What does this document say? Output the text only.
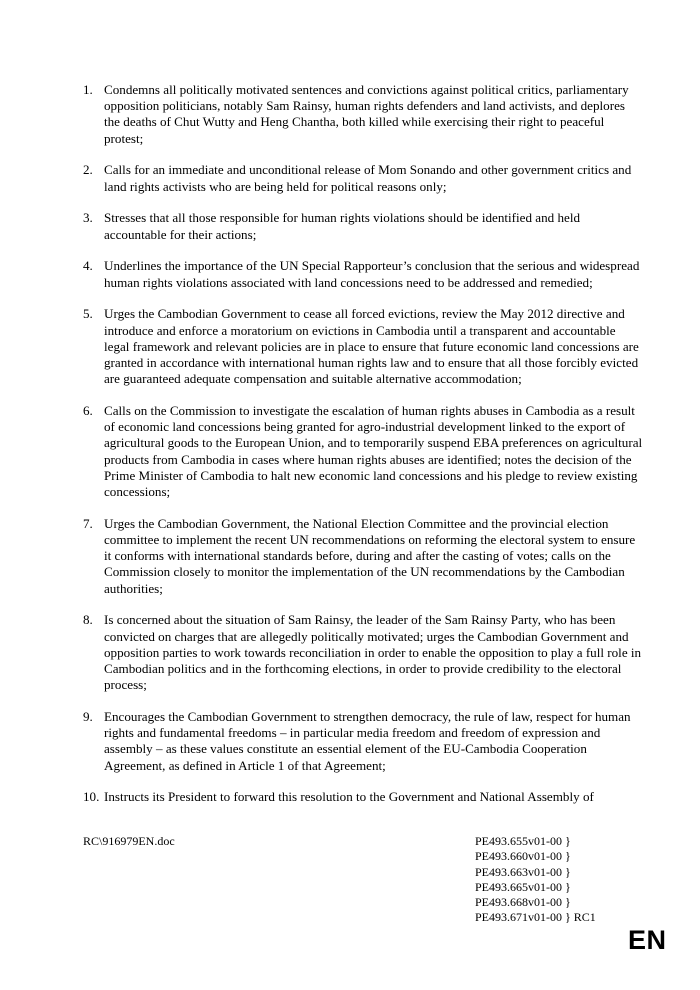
1. Condemns all politically motivated sentences and convictions against political critics, parliamentary opposition politicians, notably Sam Rainsy, human rights defenders and land activists, and deplores the deaths of Chut Wutty and Heng Chantha, both killed while exercising their right to peaceful protest;
2. Calls for an immediate and unconditional release of Mom Sonando and other government critics and land rights activists who are being held for political reasons only;
3. Stresses that all those responsible for human rights violations should be identified and held accountable for their actions;
4. Underlines the importance of the UN Special Rapporteur’s conclusion that the serious and widespread human rights violations associated with land concessions need to be addressed and remedied;
5. Urges the Cambodian Government to cease all forced evictions, review the May 2012 directive and introduce and enforce a moratorium on evictions in Cambodia until a transparent and accountable legal framework and relevant policies are in place to ensure that future economic land concessions are granted in accordance with international human rights law and to ensure that all those forcibly evicted are guaranteed adequate compensation and suitable alternative accommodation;
6. Calls on the Commission to investigate the escalation of human rights abuses in Cambodia as a result of economic land concessions being granted for agro-industrial development linked to the export of agricultural goods to the European Union, and to temporarily suspend EBA preferences on agricultural products from Cambodia in cases where human rights abuses are identified; notes the decision of the Prime Minister of Cambodia to halt new economic land concessions and his pledge to review existing concessions;
7. Urges the Cambodian Government, the National Election Committee and the provincial election committee to implement the recent UN recommendations on reforming the electoral system to ensure it conforms with international standards before, during and after the casting of votes; calls on the Commission closely to monitor the implementation of the UN recommendations by the Cambodian authorities;
8. Is concerned about the situation of Sam Rainsy, the leader of the Sam Rainsy Party, who has been convicted on charges that are allegedly politically motivated; urges the Cambodian Government and opposition parties to work towards reconciliation in order to enable the opposition to play a full role in Cambodian politics and in the forthcoming elections, in order to provide credibility to the electoral process;
9. Encourages the Cambodian Government to strengthen democracy, the rule of law, respect for human rights and fundamental freedoms – in particular media freedom and freedom of expression and assembly – as these values constitute an essential element of the EU-Cambodia Cooperation Agreement, as defined in Article 1 of that Agreement;
10. Instructs its President to forward this resolution to the Government and National Assembly of
RC\916979EN.doc	PE493.655v01-00 }
PE493.660v01-00 }
PE493.663v01-00 }
PE493.665v01-00 }
PE493.668v01-00 }
PE493.671v01-00 } RC1
EN
